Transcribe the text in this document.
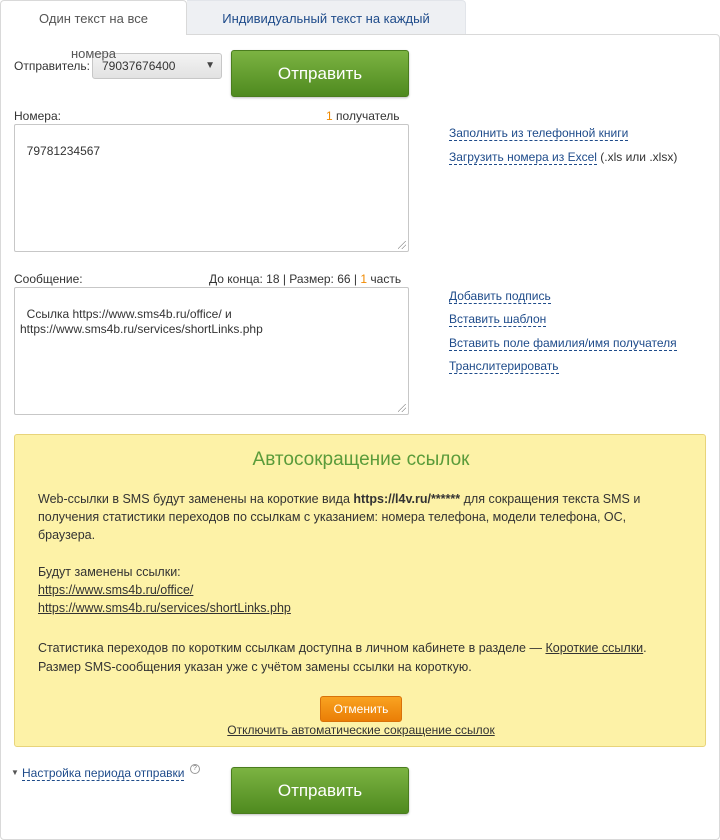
Один текст на все номера
Индивидуальный текст на каждый
Отправитель:	79037676400	▼	Отправить
Номера:	1 получатель

79781234567

Заполнить из телефонной книги
Загрузить номера из Excel (.xls или .xlsx)
Сообщение:	До конца: 18 | Размер: 66 | 1 часть

Ссылка https://www.sms4b.ru/office/ и
https://www.sms4b.ru/services/shortLinks.php

Добавить подпись
Вставить шаблон
Вставить поле фамилия/имя получателя
Транслитерировать
Автосокращение ссылок
Web-ссылки в SMS будут заменены на короткие вида https://l4v.ru/****** для сокращения текста SMS и получения статистики переходов по ссылкам с указанием: номера телефона, модели телефона, ОС, браузера.
Будут заменены ссылки:
https://www.sms4b.ru/office/
https://www.sms4b.ru/services/shortLinks.php
Статистика переходов по коротким ссылкам доступна в личном кабинете в разделе — Короткие ссылки.
Размер SMS-сообщения указан уже с учётом замены ссылки на короткую.
Отменить
Отключить автоматические сокращение ссылок
▼ Настройка периода отправки	?
Отправить
